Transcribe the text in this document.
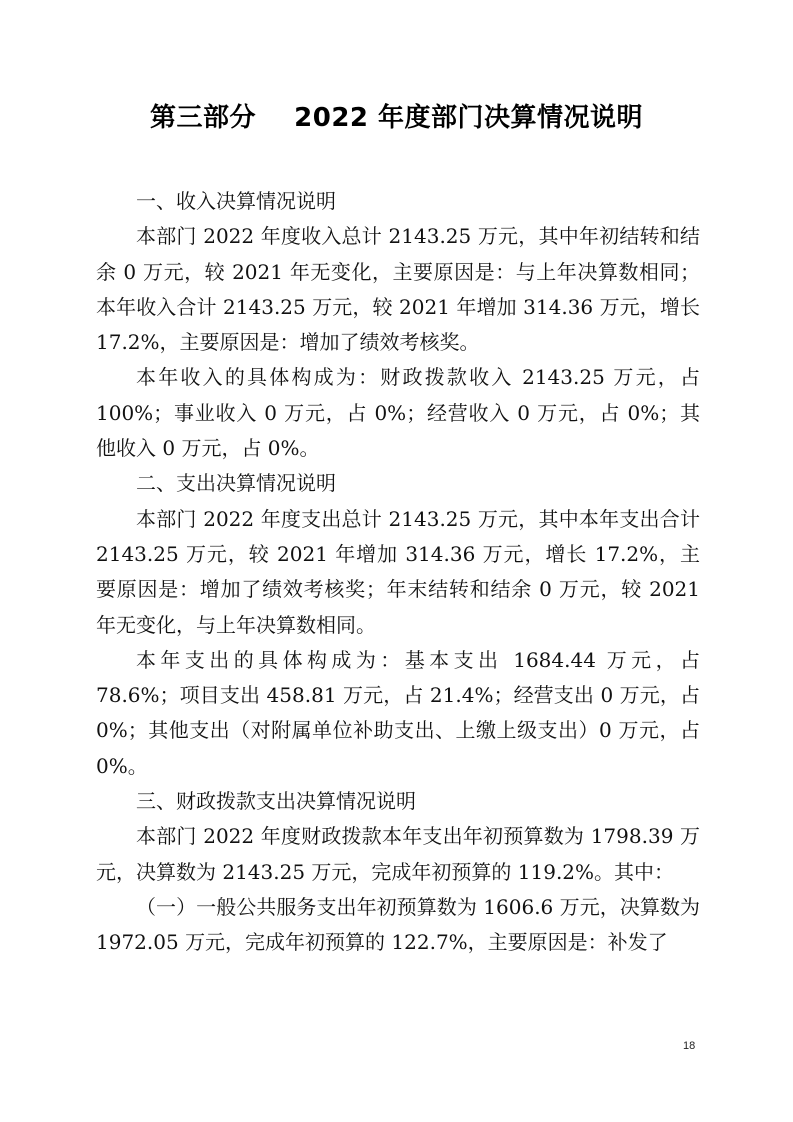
第三部分    2022 年度部门决算情况说明

一、收入决算情况说明

本部门 2022 年度收入总计 2143.25 万元，其中年初结转和结余 0 万元，较 2021 年无变化，主要原因是：与上年决算数相同；本年收入合计 2143.25 万元，较 2021 年增加 314.36 万元，增长 17.2%，主要原因是：增加了绩效考核奖。

本年收入的具体构成为：财政拨款收入 2143.25 万元，占 100%；事业收入 0 万元，占 0%；经营收入 0 万元，占 0%；其他收入 0 万元，占 0%。

二、支出决算情况说明

本部门 2022 年度支出总计 2143.25 万元，其中本年支出合计 2143.25 万元，较 2021 年增加 314.36 万元，增长 17.2%，主要原因是：增加了绩效考核奖；年末结转和结余 0 万元，较 2021 年无变化，与上年决算数相同。

本年支出的具体构成为：基本支出 1684.44 万元，占 78.6%；项目支出 458.81 万元，占 21.4%；经营支出 0 万元，占 0%；其他支出（对附属单位补助支出、上缴上级支出）0 万元，占 0%。

三、财政拨款支出决算情况说明

本部门 2022 年度财政拨款本年支出年初预算数为 1798.39 万元，决算数为 2143.25 万元，完成年初预算的 119.2%。其中：

（一）一般公共服务支出年初预算数为 1606.6 万元，决算数为 1972.05 万元，完成年初预算的 122.7%，主要原因是：补发了

18
